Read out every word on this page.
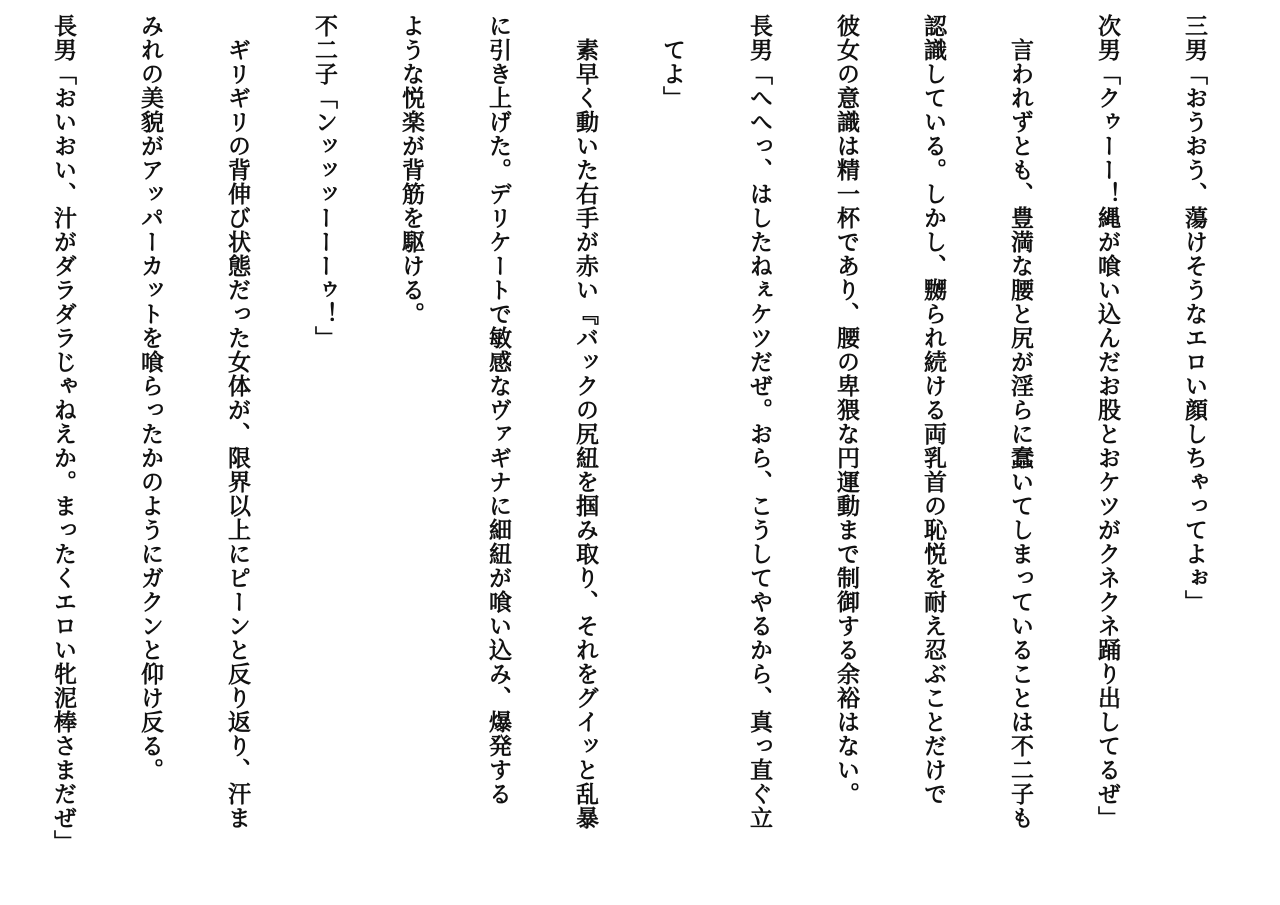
三男「おうおう、蕩けそうなエロい顔しちゃってよぉ」

次男「クゥーー！縄が喰い込んだお股とおケツがクネクネ踊り出してるぜ」

　言われずとも、豊満な腰と尻が淫らに蠢いてしまっていることは不二子も

認識している。しかし、嬲られ続ける両乳首の恥悦を耐え忍ぶことだけで

彼女の意識は精一杯であり、腰の卑猥な円運動まで制御する余裕はない。

長男「へへっ、はしたねぇケツだぜ。おら、こうしてやるから、真っ直ぐ立

　てよ」

　素早く動いた右手が赤い『バックの尻紐を掴み取り、それをグイッと乱暴

に引き上げた。デリケートで敏感なヴァギナに細紐が喰い込み、爆発する

ような悦楽が背筋を駆ける。

不二子「ンッッッーーーゥ！」

　ギリギリの背伸び状態だった女体が、限界以上にピーンと反り返り、汗ま

みれの美貌がアッパーカットを喰らったかのようにガクンと仰け反る。

長男「おいおい、汁がダラダラじゃねえか。まったくエロい牝泥棒さまだぜ」
